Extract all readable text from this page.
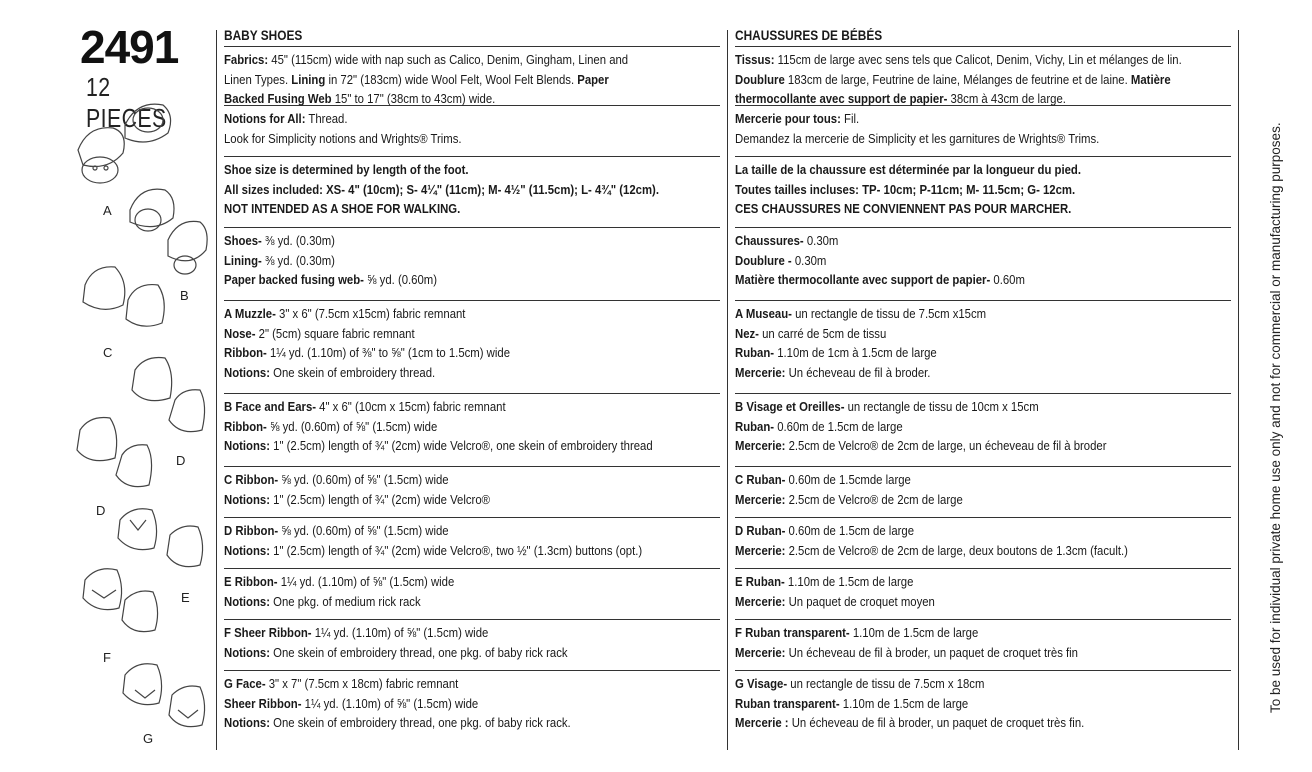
2491
12 PIECES
A
B
C
D
D
E
F
G
BABY SHOES
Fabrics: 45" (115cm) wide with nap such as Calico, Denim, Gingham, Linen and
Linen Types. Lining in 72" (183cm) wide Wool Felt, Wool Felt Blends. Paper
Backed Fusing Web 15" to 17" (38cm to 43cm) wide.
Notions for All: Thread.
Look for Simplicity notions and Wrights® Trims.
Shoe size is determined by length of the foot.
All sizes included: XS- 4" (10cm); S- 4¼" (11cm); M- 4½" (11.5cm); L- 4¾" (12cm).
NOT INTENDED AS A SHOE FOR WALKING.
Shoes- ⅜ yd. (0.30m)
Lining- ⅜ yd. (0.30m)
Paper backed fusing web- ⅝ yd. (0.60m)
A Muzzle- 3" x 6" (7.5cm x15cm) fabric remnant
Nose- 2" (5cm) square fabric remnant
Ribbon- 1¼ yd. (1.10m) of ⅜" to ⅝" (1cm to 1.5cm) wide
Notions: One skein of embroidery thread.
B Face and Ears- 4" x 6" (10cm x 15cm) fabric remnant
Ribbon- ⅝ yd. (0.60m) of ⅝" (1.5cm) wide
Notions: 1" (2.5cm) length of ¾" (2cm) wide Velcro®, one skein of embroidery thread
C Ribbon- ⅝ yd. (0.60m) of ⅝" (1.5cm) wide
Notions: 1" (2.5cm) length of ¾" (2cm) wide Velcro®
D Ribbon- ⅝ yd. (0.60m) of ⅝" (1.5cm) wide
Notions: 1" (2.5cm) length of ¾" (2cm) wide Velcro®, two ½" (1.3cm) buttons (opt.)
E Ribbon- 1¼ yd. (1.10m) of ⅝" (1.5cm) wide
Notions: One pkg. of medium rick rack
F Sheer Ribbon- 1¼ yd. (1.10m) of ⅝" (1.5cm) wide
Notions: One skein of embroidery thread, one pkg. of baby rick rack
G Face- 3" x 7" (7.5cm x 18cm) fabric remnant
Sheer Ribbon- 1¼ yd. (1.10m) of ⅝" (1.5cm) wide
Notions: One skein of embroidery thread, one pkg. of baby rick rack.
CHAUSSURES DE BÉBÉS
Tissus: 115cm de large avec sens tels que Calicot, Denim, Vichy, Lin et mélanges de lin.
Doublure 183cm de large, Feutrine de laine, Mélanges de feutrine et de laine. Matière
thermocollante avec support de papier- 38cm à 43cm de large.
Mercerie pour tous: Fil.
Demandez la mercerie de Simplicity et les garnitures de Wrights® Trims.
La taille de la chaussure est déterminée par la longueur du pied.
Toutes tailles incluses: TP- 10cm; P-11cm; M- 11.5cm; G- 12cm.
CES CHAUSSURES NE CONVIENNENT PAS POUR MARCHER.
Chaussures- 0.30m
Doublure - 0.30m
Matière thermocollante avec support de papier- 0.60m
A Museau- un rectangle de tissu de 7.5cm x15cm
Nez- un carré de 5cm de tissu
Ruban- 1.10m de 1cm à 1.5cm de large
Mercerie: Un écheveau de fil à broder.
B Visage et Oreilles- un rectangle de tissu de 10cm x 15cm
Ruban- 0.60m de 1.5cm de large
Mercerie: 2.5cm de Velcro® de 2cm de large, un écheveau de fil à broder
C Ruban- 0.60m de 1.5cmde large
Mercerie: 2.5cm de Velcro® de 2cm de large
D Ruban- 0.60m de 1.5cm de large
Mercerie: 2.5cm de Velcro® de 2cm de large, deux boutons de 1.3cm (facult.)
E Ruban- 1.10m de 1.5cm de large
Mercerie: Un paquet de croquet moyen
F Ruban transparent- 1.10m de 1.5cm de large
Mercerie: Un écheveau de fil à broder, un paquet de croquet très fin
G Visage- un rectangle de tissu de 7.5cm x 18cm
Ruban transparent- 1.10m de 1.5cm de large
Mercerie : Un écheveau de fil à broder, un paquet de croquet très fin.
To be used for individual private home use only and not for commercial or manufacturing purposes.
